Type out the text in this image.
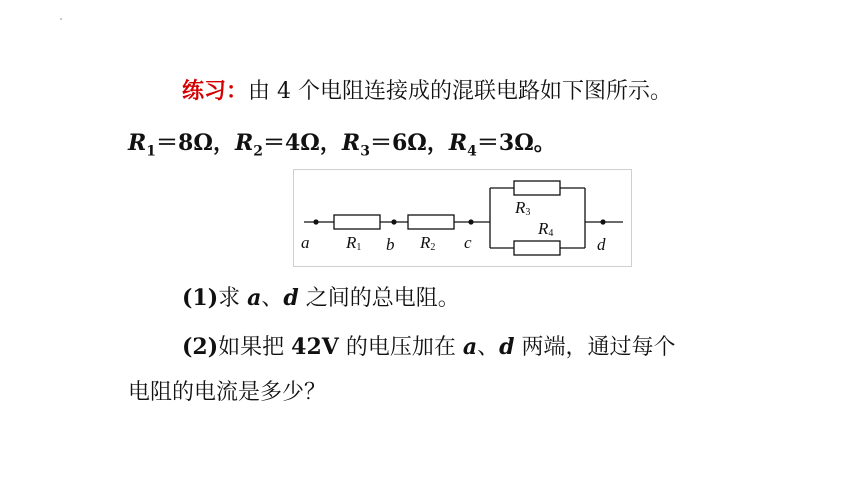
练习：由 4 个电阻连接成的混联电路如下图所示。
$R_1=8\Omega$，$R_2=4\Omega$，$R_3=6\Omega$，$R_4=3\Omega$。
a	b	c	d
R1	R2
R3
R4
(1)求 a、d 之间的总电阻。
(2)如果把 42V 的电压加在 a、d 两端，通过每个
电阻的电流是多少？
